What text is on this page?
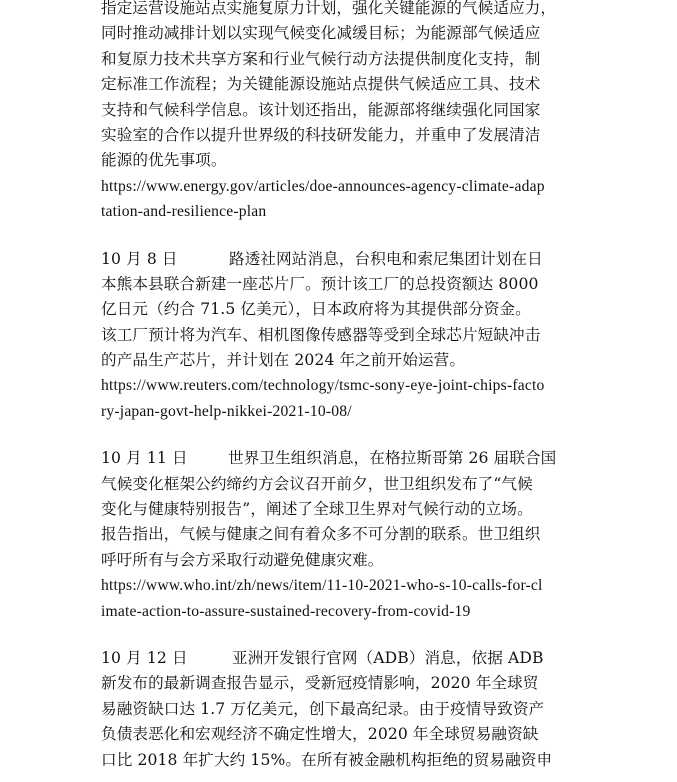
指定运营设施站点实施复原力计划，强化关键能源的气候适应力，
同时推动减排计划以实现气候变化减缓目标；为能源部气候适应
和复原力技术共享方案和行业气候行动方法提供制度化支持，制
定标准工作流程；为关键能源设施站点提供气候适应工具、技术
支持和气候科学信息。该计划还指出，能源部将继续强化同国家
实验室的合作以提升世界级的科技研发能力，并重申了发展清洁
能源的优先事项。
https://www.energy.gov/articles/doe-announces-agency-climate-adap
tation-and-resilience-plan
10 月 8 日	路透社网站消息，台积电和索尼集团计划在日
本熊本县联合新建一座芯片厂。预计该工厂的总投资额达 8000
亿日元（约合 71.5 亿美元），日本政府将为其提供部分资金。
该工厂预计将为汽车、相机图像传感器等受到全球芯片短缺冲击
的产品生产芯片，并计划在 2024 年之前开始运营。
https://www.reuters.com/technology/tsmc-sony-eye-joint-chips-facto
ry-japan-govt-help-nikkei-2021-10-08/
10 月 11 日	世界卫生组织消息，在格拉斯哥第 26 届联合国
气候变化框架公约缔约方会议召开前夕，世卫组织发布了“气候
变化与健康特别报告”，阐述了全球卫生界对气候行动的立场。
报告指出，气候与健康之间有着众多不可分割的联系。世卫组织
呼吁所有与会方采取行动避免健康灾难。
https://www.who.int/zh/news/item/11-10-2021-who-s-10-calls-for-cl
imate-action-to-assure-sustained-recovery-from-covid-19
10 月 12 日	亚洲开发银行官网（ADB）消息，依据 ADB
新发布的最新调查报告显示，受新冠疫情影响，2020 年全球贸
易融资缺口达 1.7 万亿美元，创下最高纪录。由于疫情导致资产
负债表恶化和宏观经济不确定性增大，2020 年全球贸易融资缺
口比 2018 年扩大约 15%。在所有被金融机构拒绝的贸易融资申
